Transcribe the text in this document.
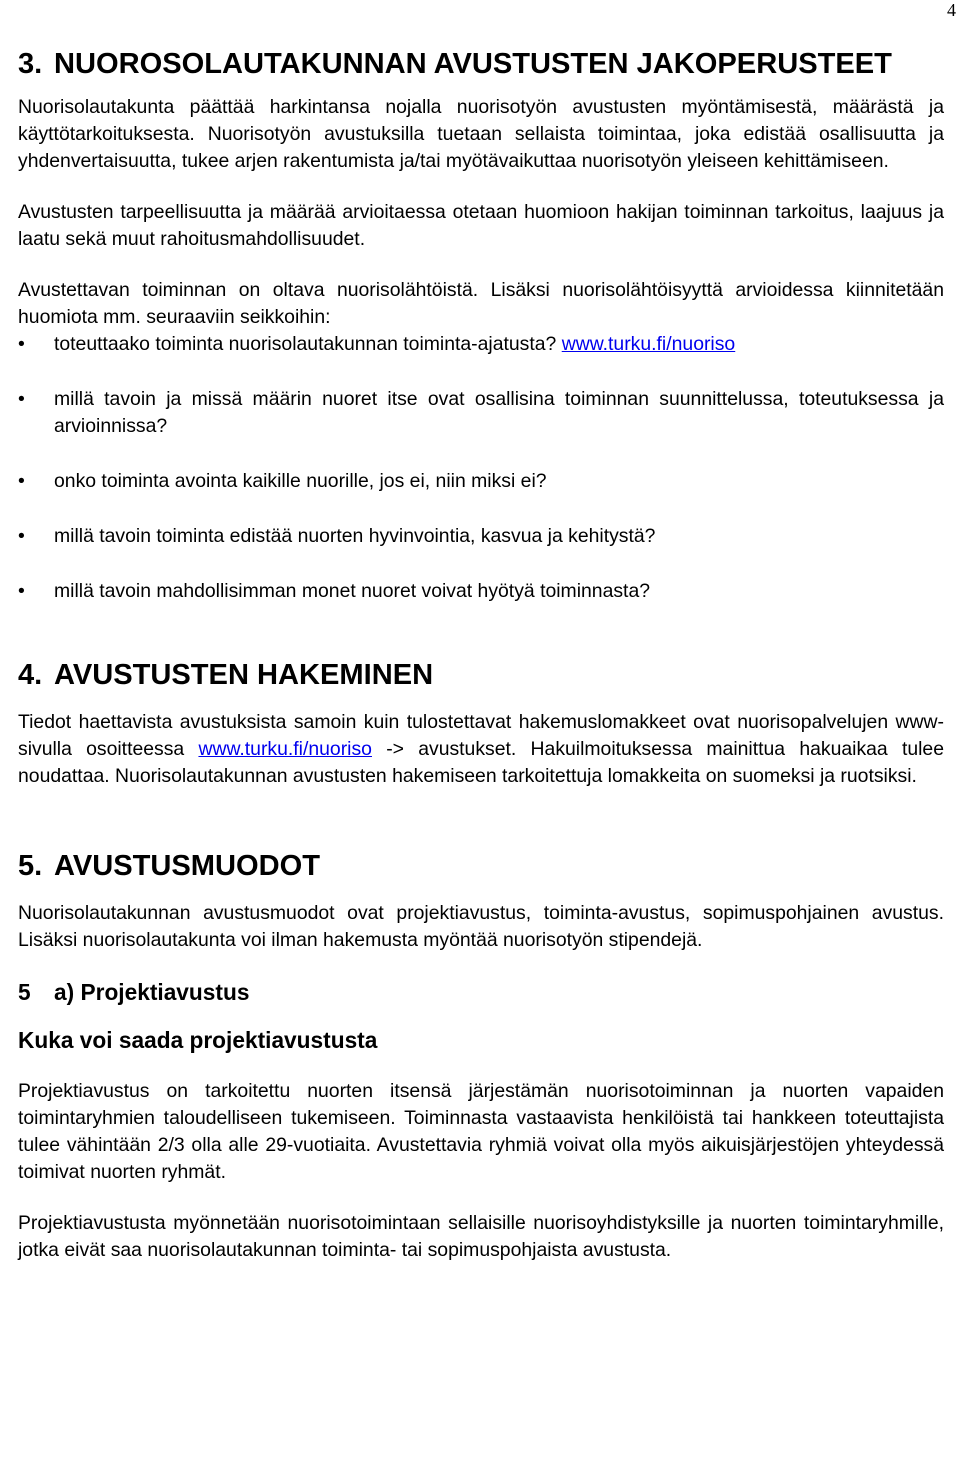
4
3. NUOROSOLAUTAKUNNAN AVUSTUSTEN JAKOPERUSTEET

Nuorisolautakunta päättää harkintansa nojalla nuorisotyön avustusten myöntämisestä, määrästä ja käyttötarkoituksesta. Nuorisotyön avustuksilla tuetaan sellaista toimintaa, joka edistää osallisuutta ja yhdenvertaisuutta, tukee arjen rakentumista ja/tai myötävaikuttaa nuorisotyön yleiseen kehittämiseen.

Avustusten tarpeellisuutta ja määrää arvioitaessa otetaan huomioon hakijan toiminnan tarkoitus, laajuus ja laatu sekä muut rahoitusmahdollisuudet.

Avustettavan toiminnan on oltava nuorisolähtöistä. Lisäksi nuorisolähtöisyyttä arvioidessa kiinnitetään huomiota mm. seuraaviin seikkoihin:

•	toteuttaako toiminta nuorisolautakunnan toiminta-ajatusta? www.turku.fi/nuoriso
•	millä tavoin ja missä määrin nuoret itse ovat osallisina toiminnan suunnittelussa, toteutuksessa ja arvioinnissa?
•	onko toiminta avointa kaikille nuorille, jos ei, niin miksi ei?
•	millä tavoin toiminta edistää nuorten hyvinvointia, kasvua ja kehitystä?
•	millä tavoin mahdollisimman monet nuoret voivat hyötyä toiminnasta?
4. AVUSTUSTEN HAKEMINEN

Tiedot haettavista avustuksista samoin kuin tulostettavat hakemuslomakkeet ovat nuorisopalvelujen www-sivulla osoitteessa www.turku.fi/nuoriso -> avustukset. Hakuilmoituksessa mainittua hakuaikaa tulee noudattaa. Nuorisolautakunnan avustusten hakemiseen tarkoitettuja lomakkeita on suomeksi ja ruotsiksi.

5. AVUSTUSMUODOT

Nuorisolautakunnan avustusmuodot ovat projektiavustus, toiminta-avustus, sopimuspohjainen avustus. Lisäksi nuorisolautakunta voi ilman hakemusta myöntää nuorisotyön stipendejä.

5 a) Projektiavustus
Kuka voi saada projektiavustusta

Projektiavustus on tarkoitettu nuorten itsensä järjestämän nuorisotoiminnan ja nuorten vapaiden toimintaryhmien taloudelliseen tukemiseen. Toiminnasta vastaavista henkilöistä tai hankkeen toteuttajista tulee vähintään 2/3 olla alle 29-vuotiaita. Avustettavia ryhmiä voivat olla myös aikuisjärjestöjen yhteydessä toimivat nuorten ryhmät.

Projektiavustusta myönnetään nuorisotoimintaan sellaisille nuorisoyhdistyksille ja nuorten toimintaryhmille, jotka eivät saa nuorisolautakunnan toiminta- tai sopimuspohjaista avustusta.
